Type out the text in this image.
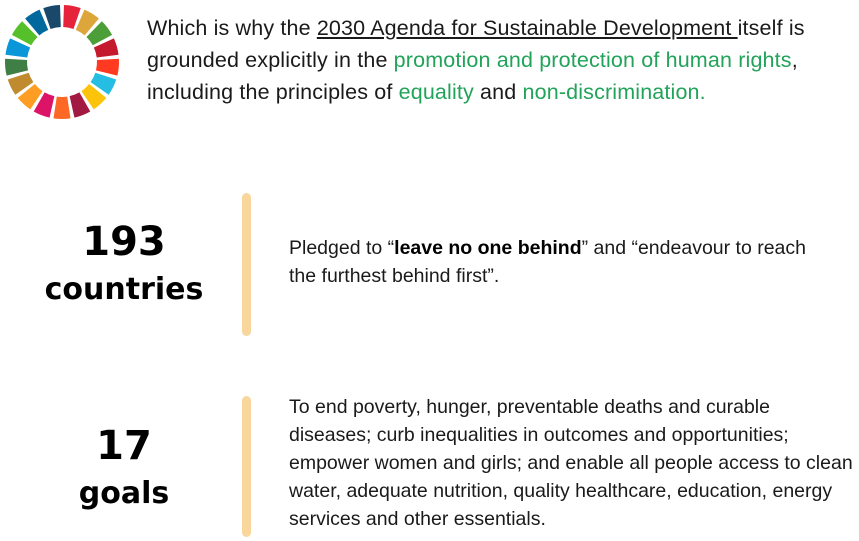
Which is why the 2030 Agenda for Sustainable Development itself is grounded explicitly in the promotion and protection of human rights, including the principles of equality and non-discrimination.
193
countries
Pledged to “leave no one behind” and “endeavour to reach the furthest behind first”.
17
goals
To end poverty, hunger, preventable deaths and curable diseases; curb inequalities in outcomes and opportunities; empower women and girls; and enable all people access to clean water, adequate nutrition, quality healthcare, education, energy services and other essentials.
